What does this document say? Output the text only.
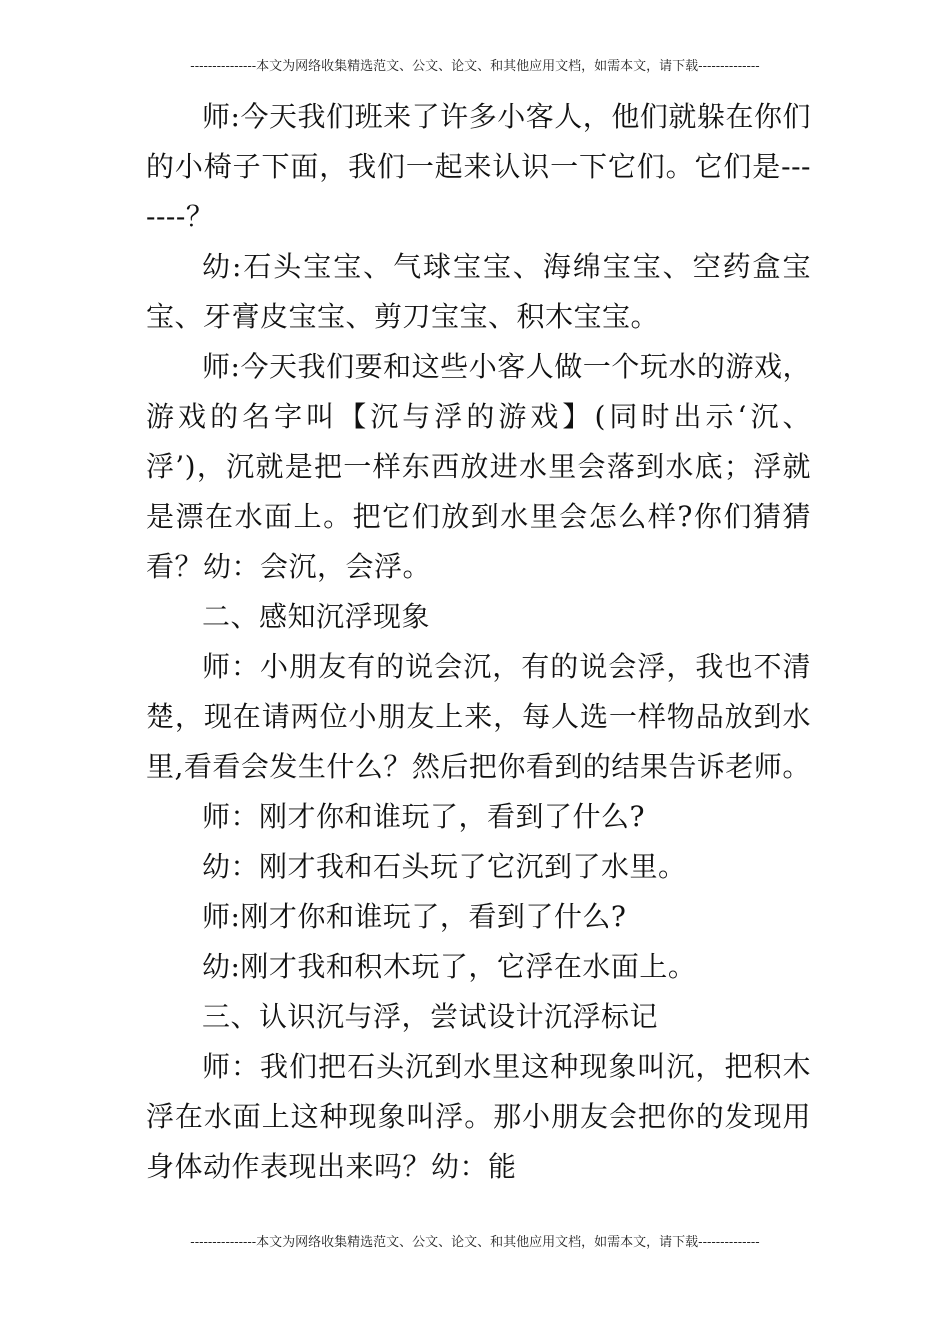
---------------本文为网络收集精选范文、公文、论文、和其他应用文档，如需本文，请下载--------------

师:今天我们班来了许多小客人，他们就躲在你们的小椅子下面，我们一起来认识一下它们。它们是-------？

幼:石头宝宝、气球宝宝、海绵宝宝、空药盒宝宝、牙膏皮宝宝、剪刀宝宝、积木宝宝。

师:今天我们要和这些小客人做一个玩水的游戏，游戏的名字叫【沉与浮的游戏】(同时出示‘沉、浮’)，沉就是把一样东西放进水里会落到水底；浮就是漂在水面上。把它们放到水里会怎么样?你们猜猜看？幼：会沉，会浮。

二、感知沉浮现象

师：小朋友有的说会沉，有的说会浮，我也不清楚，现在请两位小朋友上来，每人选一样物品放到水里,看看会发生什么？然后把你看到的结果告诉老师。

师：刚才你和谁玩了，看到了什么?

幼：刚才我和石头玩了它沉到了水里。

师:刚才你和谁玩了，看到了什么?

幼:刚才我和积木玩了，它浮在水面上。

三、认识沉与浮，尝试设计沉浮标记

师：我们把石头沉到水里这种现象叫沉，把积木浮在水面上这种现象叫浮。那小朋友会把你的发现用身体动作表现出来吗？幼：能

---------------本文为网络收集精选范文、公文、论文、和其他应用文档，如需本文，请下载--------------
